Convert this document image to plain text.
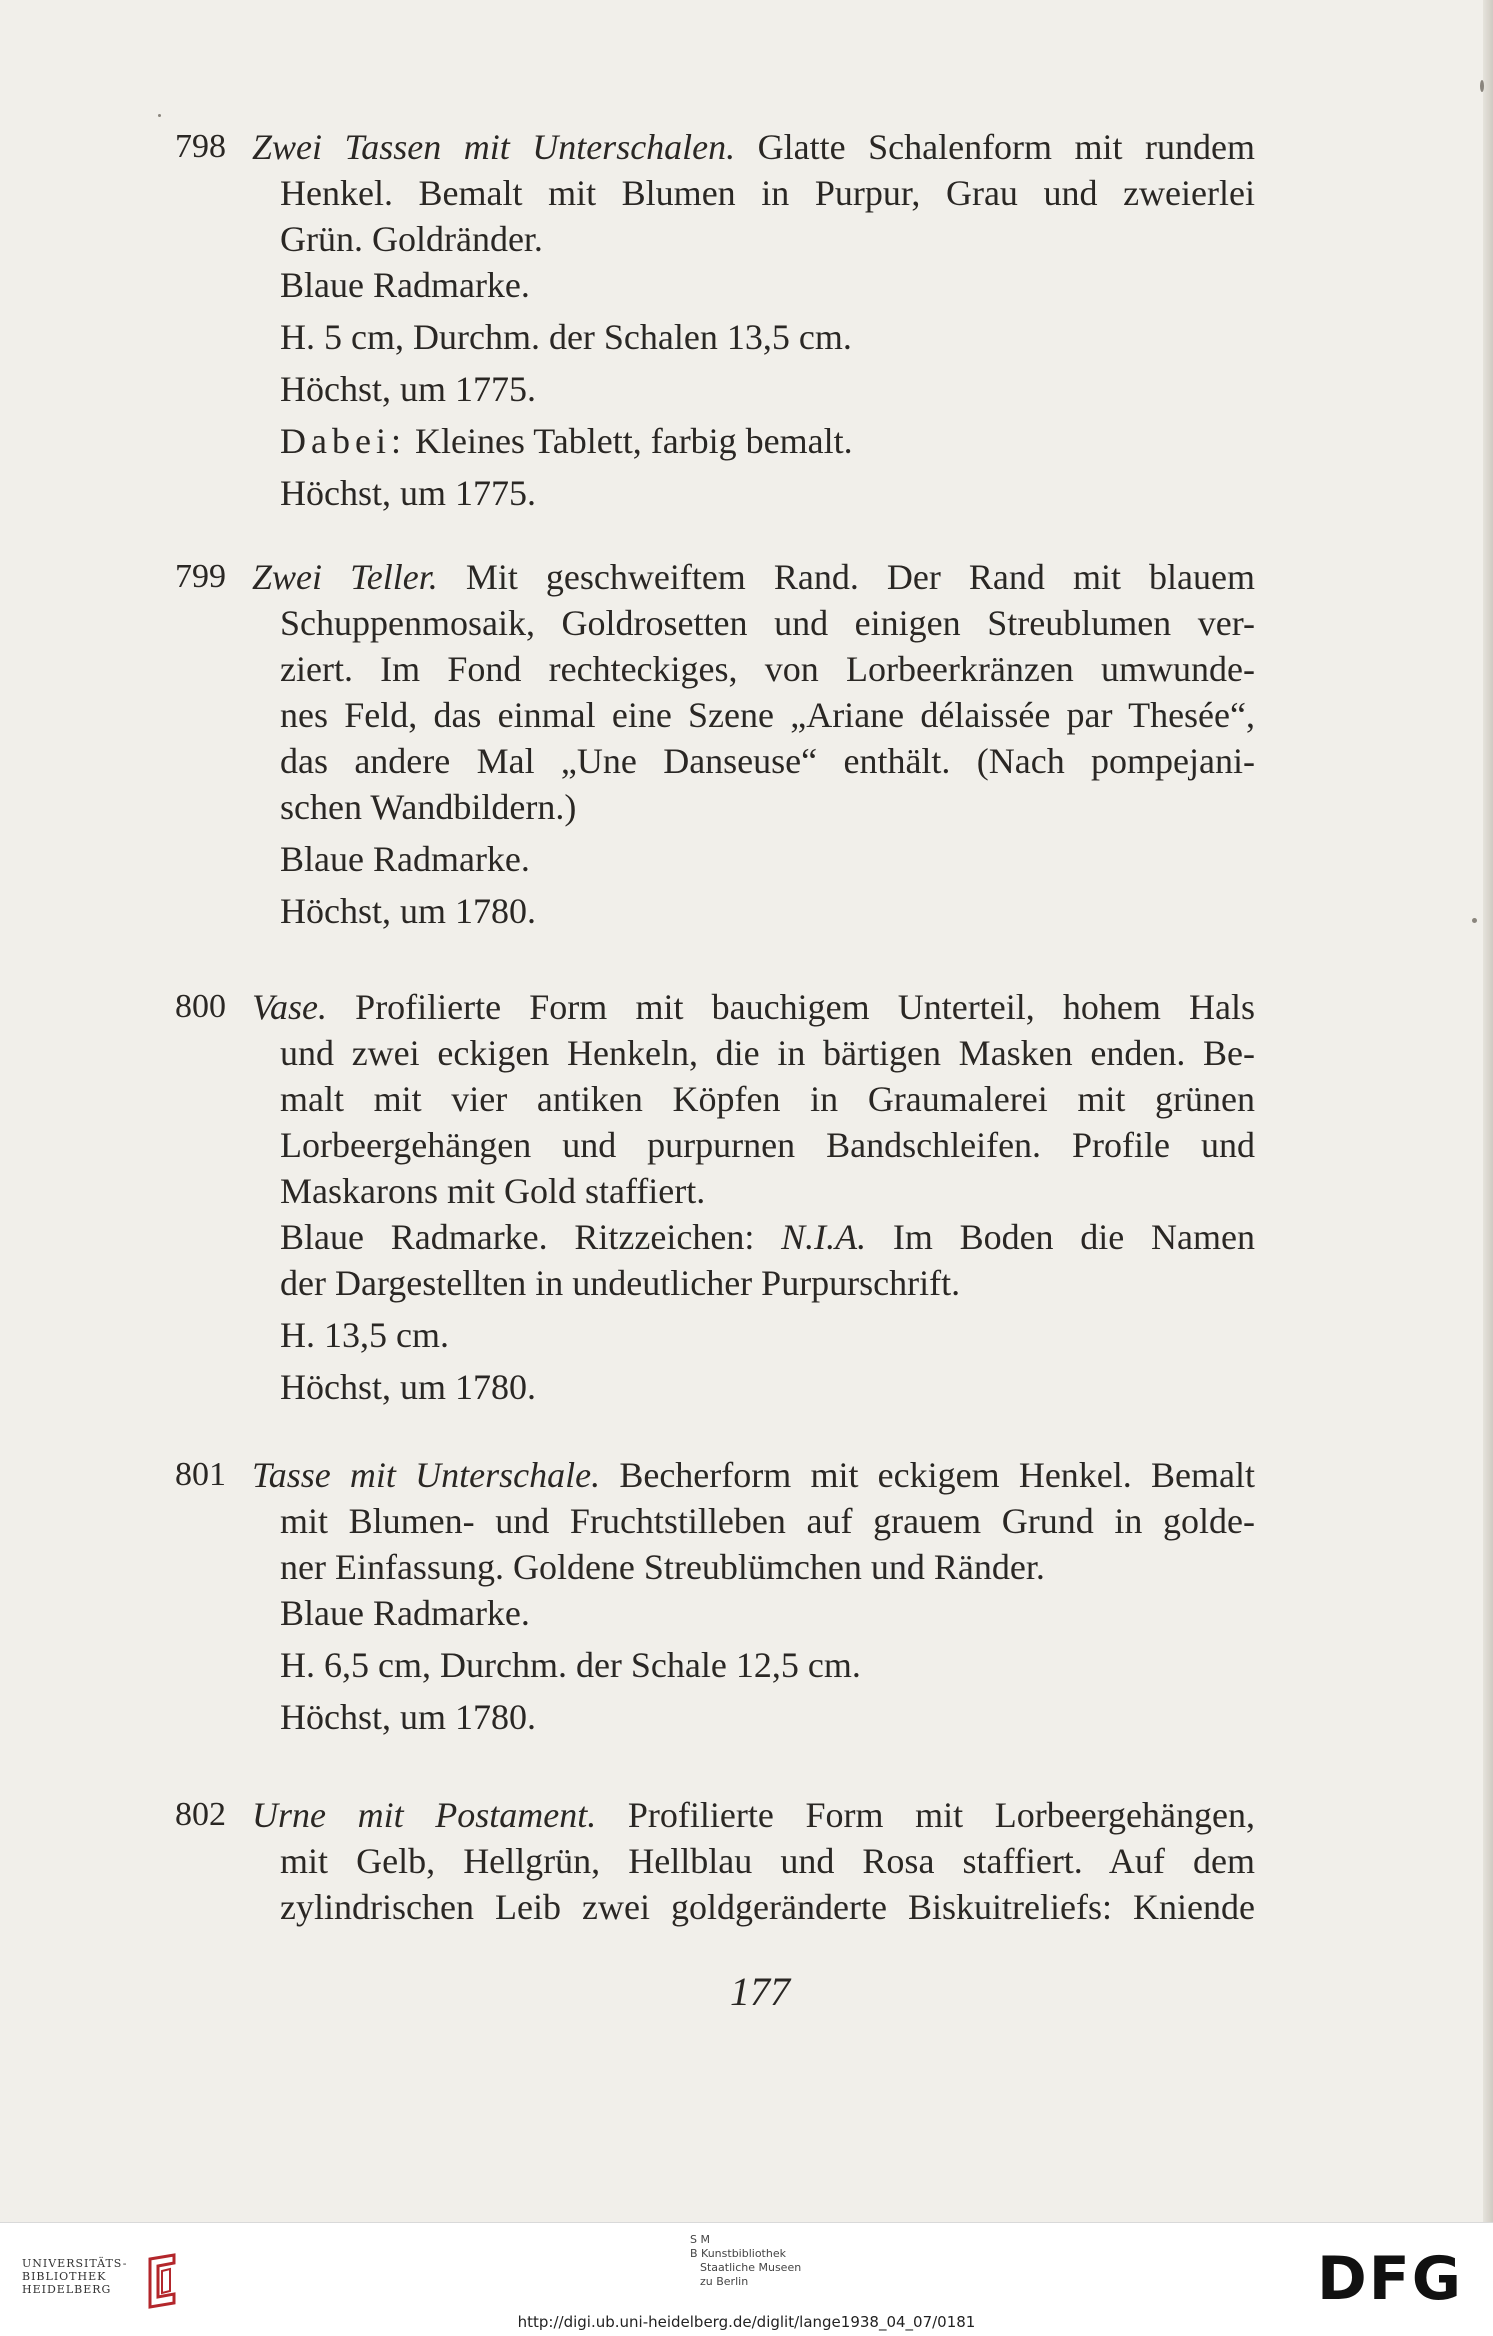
798 Zwei Tassen mit Unterschalen. Glatte Schalenform mit rundem
Henkel. Bemalt mit Blumen in Purpur, Grau und zweierlei
Grün. Goldränder.
Blaue Radmarke.
H. 5 cm, Durchm. der Schalen 13,5 cm.
Höchst, um 1775.
Dabei: Kleines Tablett, farbig bemalt.
Höchst, um 1775.
799 Zwei Teller. Mit geschweiftem Rand. Der Rand mit blauem
Schuppenmosaik, Goldrosetten und einigen Streublumen ver-
ziert. Im Fond rechteckiges, von Lorbeerkränzen umwunde-
nes Feld, das einmal eine Szene „Ariane délaissée par Thesée“,
das andere Mal „Une Danseuse“ enthält. (Nach pompejani-
schen Wandbildern.)
Blaue Radmarke.
Höchst, um 1780.
800 Vase. Profilierte Form mit bauchigem Unterteil, hohem Hals
und zwei eckigen Henkeln, die in bärtigen Masken enden. Be-
malt mit vier antiken Köpfen in Graumalerei mit grünen
Lorbeergehängen und purpurnen Bandschleifen. Profile und
Maskarons mit Gold staffiert.
Blaue Radmarke. Ritzzeichen: N.I.A. Im Boden die Namen
der Dargestellten in undeutlicher Purpurschrift.
H. 13,5 cm.
Höchst, um 1780.
801 Tasse mit Unterschale. Becherform mit eckigem Henkel. Bemalt
mit Blumen- und Fruchtstilleben auf grauem Grund in golde-
ner Einfassung. Goldene Streublümchen und Ränder.
Blaue Radmarke.
H. 6,5 cm, Durchm. der Schale 12,5 cm.
Höchst, um 1780.
802 Urne mit Postament. Profilierte Form mit Lorbeergehängen,
mit Gelb, Hellgrün, Hellblau und Rosa staffiert. Auf dem
zylindrischen Leib zwei goldgeränderte Biskuitreliefs: Kniende
177
UNIVERSITÄTS-
BIBLIOTHEK
HEIDELBERG
S M
B Kunstbibliothek
Staatliche Museen
zu Berlin	DFG
http://digi.ub.uni-heidelberg.de/diglit/lange1938_04_07/0181
